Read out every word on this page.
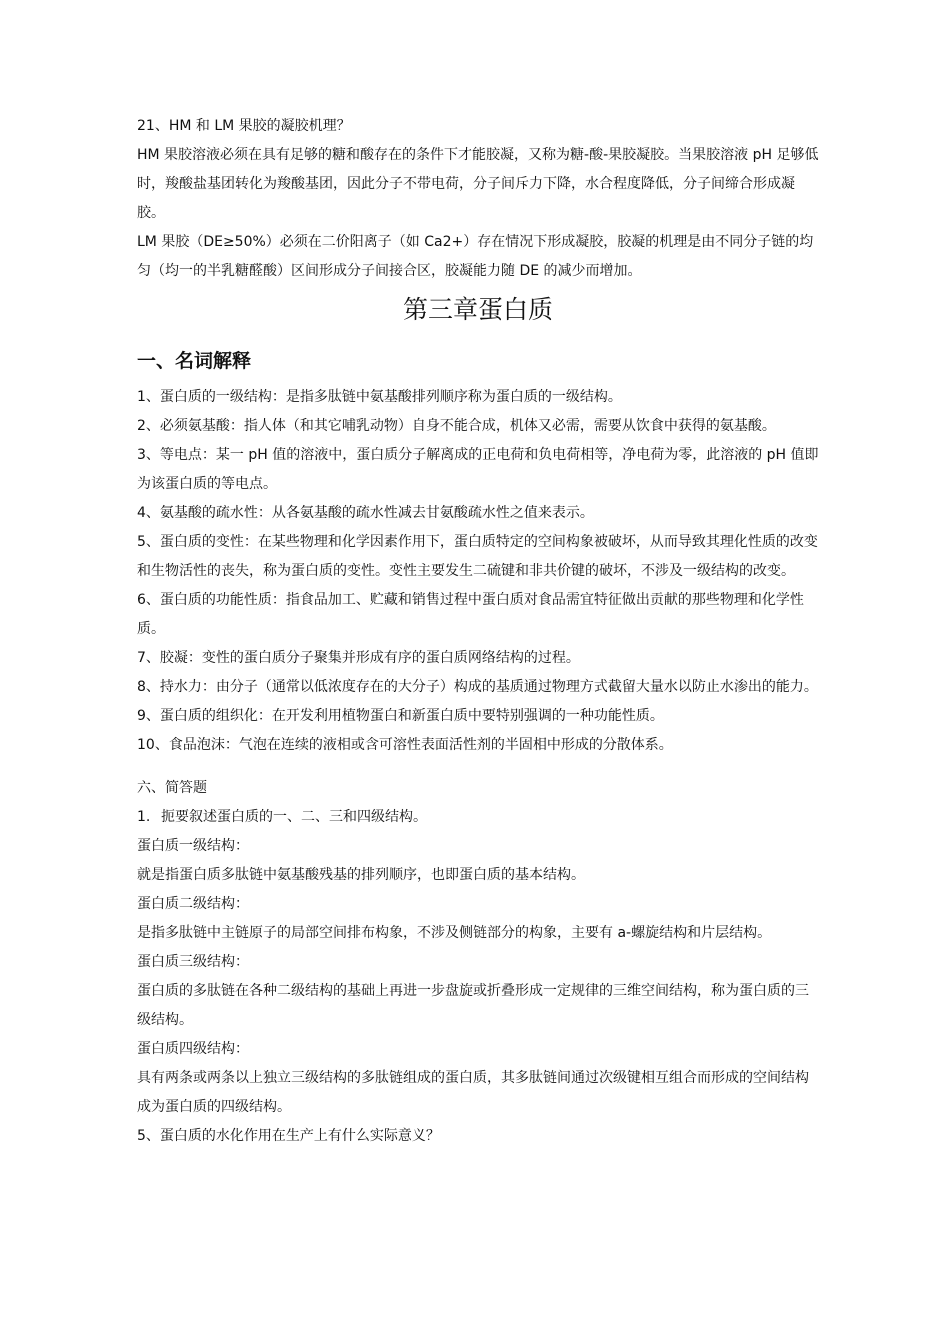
21、HM 和 LM 果胶的凝胶机理？

HM 果胶溶液必须在具有足够的糖和酸存在的条件下才能胶凝，又称为糖-酸-果胶凝胶。当果胶溶液 pH 足够低时，羧酸盐基团转化为羧酸基团，因此分子不带电荷，分子间斥力下降，水合程度降低，分子间缔合形成凝胶。

LM 果胶（DE≥50%）必须在二价阳离子（如 Ca2+）存在情况下形成凝胶，胶凝的机理是由不同分子链的均匀（均一的半乳糖醛酸）区间形成分子间接合区，胶凝能力随 DE 的减少而增加。

第三章蛋白质
一、名词解释

1、蛋白质的一级结构：是指多肽链中氨基酸排列顺序称为蛋白质的一级结构。

2、必须氨基酸：指人体（和其它哺乳动物）自身不能合成，机体又必需，需要从饮食中获得的氨基酸。

3、等电点：某一 pH 值的溶液中，蛋白质分子解离成的正电荷和负电荷相等，净电荷为零，此溶液的 pH 值即为该蛋白质的等电点。

4、氨基酸的疏水性：从各氨基酸的疏水性减去甘氨酸疏水性之值来表示。

5、蛋白质的变性：在某些物理和化学因素作用下，蛋白质特定的空间构象被破坏，从而导致其理化性质的改变和生物活性的丧失，称为蛋白质的变性。变性主要发生二硫键和非共价键的破坏，不涉及一级结构的改变。

6、蛋白质的功能性质：指食品加工、贮藏和销售过程中蛋白质对食品需宜特征做出贡献的那些物理和化学性质。

7、胶凝：变性的蛋白质分子聚集并形成有序的蛋白质网络结构的过程。

8、持水力：由分子（通常以低浓度存在的大分子）构成的基质通过物理方式截留大量水以防止水渗出的能力。

9、蛋白质的组织化：在开发利用植物蛋白和新蛋白质中要特别强调的一种功能性质。

10、食品泡沫：气泡在连续的液相或含可溶性表面活性剂的半固相中形成的分散体系。

六、简答题

1. 扼要叙述蛋白质的一、二、三和四级结构。

蛋白质一级结构：

就是指蛋白质多肽链中氨基酸残基的排列顺序，也即蛋白质的基本结构。

蛋白质二级结构：

是指多肽链中主链原子的局部空间排布构象，不涉及侧链部分的构象，主要有 a-螺旋结构和片层结构。

蛋白质三级结构：

蛋白质的多肽链在各种二级结构的基础上再进一步盘旋或折叠形成一定规律的三维空间结构，称为蛋白质的三级结构。

蛋白质四级结构：

具有两条或两条以上独立三级结构的多肽链组成的蛋白质，其多肽链间通过次级键相互组合而形成的空间结构成为蛋白质的四级结构。

5、蛋白质的水化作用在生产上有什么实际意义？
